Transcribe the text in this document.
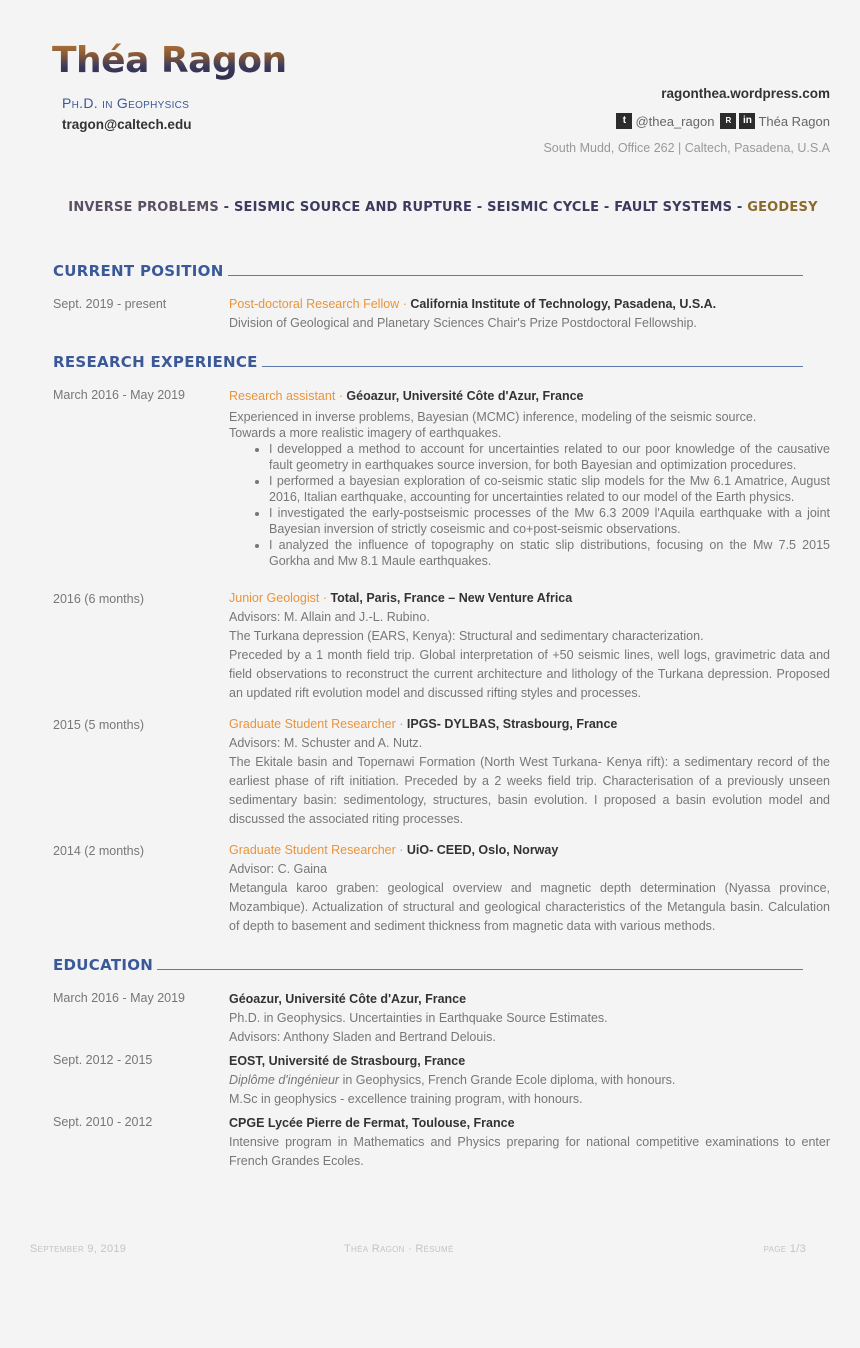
Théa Ragon
Ph.D. in Geophysics
tragon@caltech.edu
ragonthea.wordpress.com
t @thea_ragon	R	in Théa Ragon
South Mudd, Office 262 | Caltech, Pasadena, U.S.A
INVERSE PROBLEMS - SEISMIC SOURCE AND RUPTURE - SEISMIC CYCLE - FAULT SYSTEMS - GEODESY
CURRENT POSITION
Sept. 2019 - present	Post-doctoral Research Fellow · California Institute of Technology, Pasadena, U.S.A.
Division of Geological and Planetary Sciences Chair's Prize Postdoctoral Fellowship.
RESEARCH EXPERIENCE
March 2016 - May 2019	Research assistant · Géoazur, Université Côte d'Azur, France
Experienced in inverse problems, Bayesian (MCMC) inference, modeling of the seismic source.
Towards a more realistic imagery of earthquakes.
• I developped a method to account for uncertainties related to our poor knowledge of the causative fault geometry in earthquakes source inversion, for both Bayesian and optimization procedures.
• I performed a bayesian exploration of co-seismic static slip models for the Mw 6.1 Amatrice, August 2016, Italian earthquake, accounting for uncertainties related to our model of the Earth physics.
• I investigated the early-postseismic processes of the Mw 6.3 2009 l'Aquila earthquake with a joint Bayesian inversion of strictly coseismic and co+post-seismic observations.
• I analyzed the influence of topography on static slip distributions, focusing on the Mw 7.5 2015 Gorkha and Mw 8.1 Maule earthquakes.
2016 (6 months)	Junior Geologist · Total, Paris, France – New Venture Africa
Advisors: M. Allain and J.-L. Rubino.
The Turkana depression (EARS, Kenya): Structural and sedimentary characterization.
Preceded by a 1 month field trip. Global interpretation of +50 seismic lines, well logs, gravimetric data and field observations to reconstruct the current architecture and lithology of the Turkana depression. Proposed an updated rift evolution model and discussed rifting styles and processes.
2015 (5 months)	Graduate Student Researcher · IPGS- DYLBAS, Strasbourg, France
Advisors: M. Schuster and A. Nutz.
The Ekitale basin and Topernawi Formation (North West Turkana- Kenya rift): a sedimentary record of the earliest phase of rift initiation. Preceded by a 2 weeks field trip. Characterisation of a previously unseen sedimentary basin: sedimentology, structures, basin evolution. I proposed a basin evolution model and discussed the associated riting processes.
2014 (2 months)	Graduate Student Researcher · UiO- CEED, Oslo, Norway
Advisor: C. Gaina
Metangula karoo graben: geological overview and magnetic depth determination (Nyassa province, Mozambique). Actualization of structural and geological characteristics of the Metangula basin. Calculation of depth to basement and sediment thickness from magnetic data with various methods.
EDUCATION
March 2016 - May 2019	Géoazur, Université Côte d'Azur, France
Ph.D. in Geophysics. Uncertainties in Earthquake Source Estimates.
Advisors: Anthony Sladen and Bertrand Delouis.
Sept. 2012 - 2015	EOST, Université de Strasbourg, France
Diplôme d'ingénieur in Geophysics, French Grande Ecole diploma, with honours.
M.Sc in geophysics - excellence training program, with honours.
Sept. 2010 - 2012	CPGE Lycée Pierre de Fermat, Toulouse, France
Intensive program in Mathematics and Physics preparing for national competitive examinations to enter French Grandes Ecoles.
September 9, 2019	Théa Ragon · Résumé	page 1/3
